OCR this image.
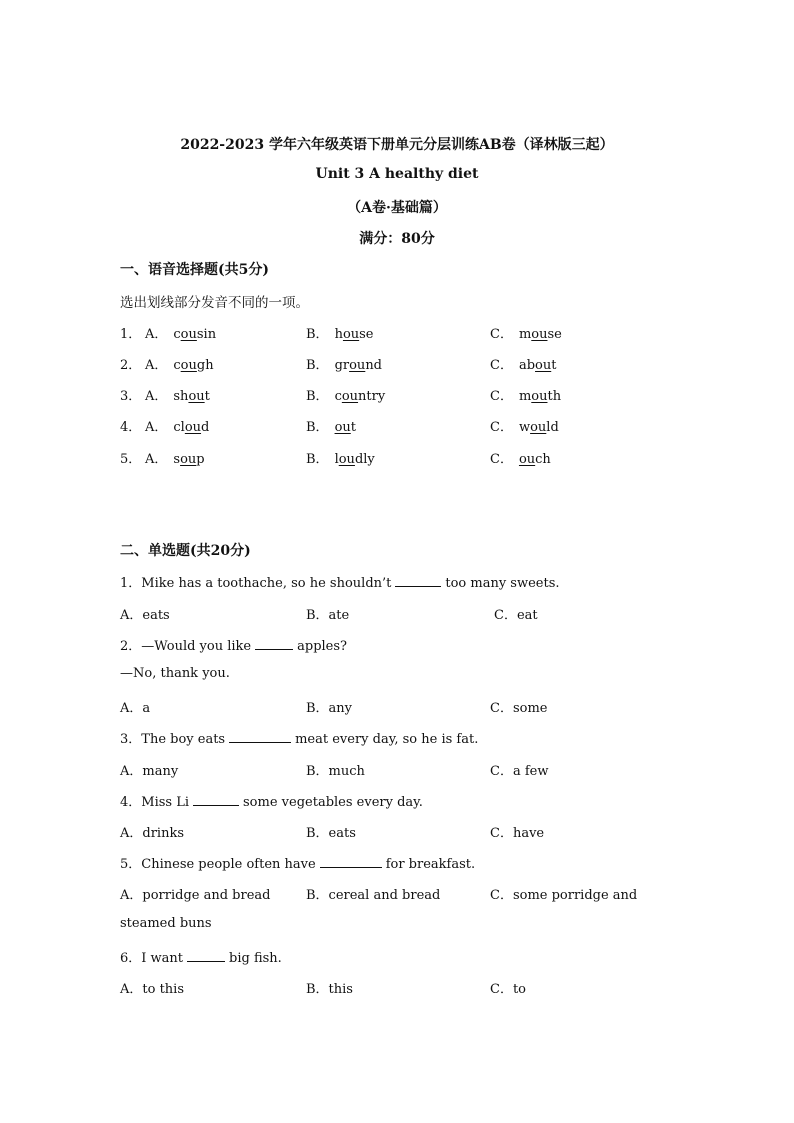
2022-2023 学年六年级英语下册单元分层训练AB卷（译林版三起）
Unit 3 A healthy diet
（A卷·基础篇）
满分：80分
一、语音选择题(共5分)
选出划线部分发音不同的一项。
1． A． cousin	B． house	C． mouse
2． A． cough	B． ground	C． about
3． A． shout	B． country	C． mouth
4． A． cloud	B． out	C． would
5． A． soup	B． loudly	C． ouch
二、单选题(共20分)
1．Mike has a toothache, so he shouldn’t	too many sweets.
A．eats	B．ate	C．eat
2．—Would you like	apples?
—No, thank you.
A．a	B．any	C．some
3．The boy eats	meat every day, so he is fat.
A．many	B．much	C．a few
4．Miss Li	some vegetables every day.
A．drinks	B．eats	C．have
5．Chinese people often have	for breakfast.
A．porridge and bread	B．cereal and bread	C．some porridge and
steamed buns
6．I want	big fish.
A．to this	B．this	C．to
